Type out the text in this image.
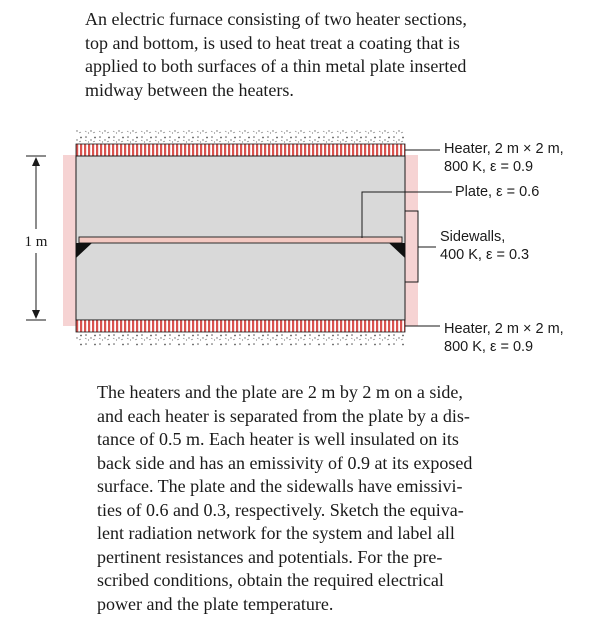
An electric furnace consisting of two heater sections,
top and bottom, is used to heat treat a coating that is
applied to both surfaces of a thin metal plate inserted
midway between the heaters.
1 m
Heater, 2 m × 2 m,
800 K, ε = 0.9
Plate, ε = 0.6
Sidewalls,
400 K, ε = 0.3
Heater, 2 m × 2 m,
800 K, ε = 0.9
The heaters and the plate are 2 m by 2 m on a side,
and each heater is separated from the plate by a dis-
tance of 0.5 m. Each heater is well insulated on its
back side and has an emissivity of 0.9 at its exposed
surface. The plate and the sidewalls have emissivi-
ties of 0.6 and 0.3, respectively. Sketch the equiva-
lent radiation network for the system and label all
pertinent resistances and potentials. For the pre-
scribed conditions, obtain the required electrical
power and the plate temperature.
